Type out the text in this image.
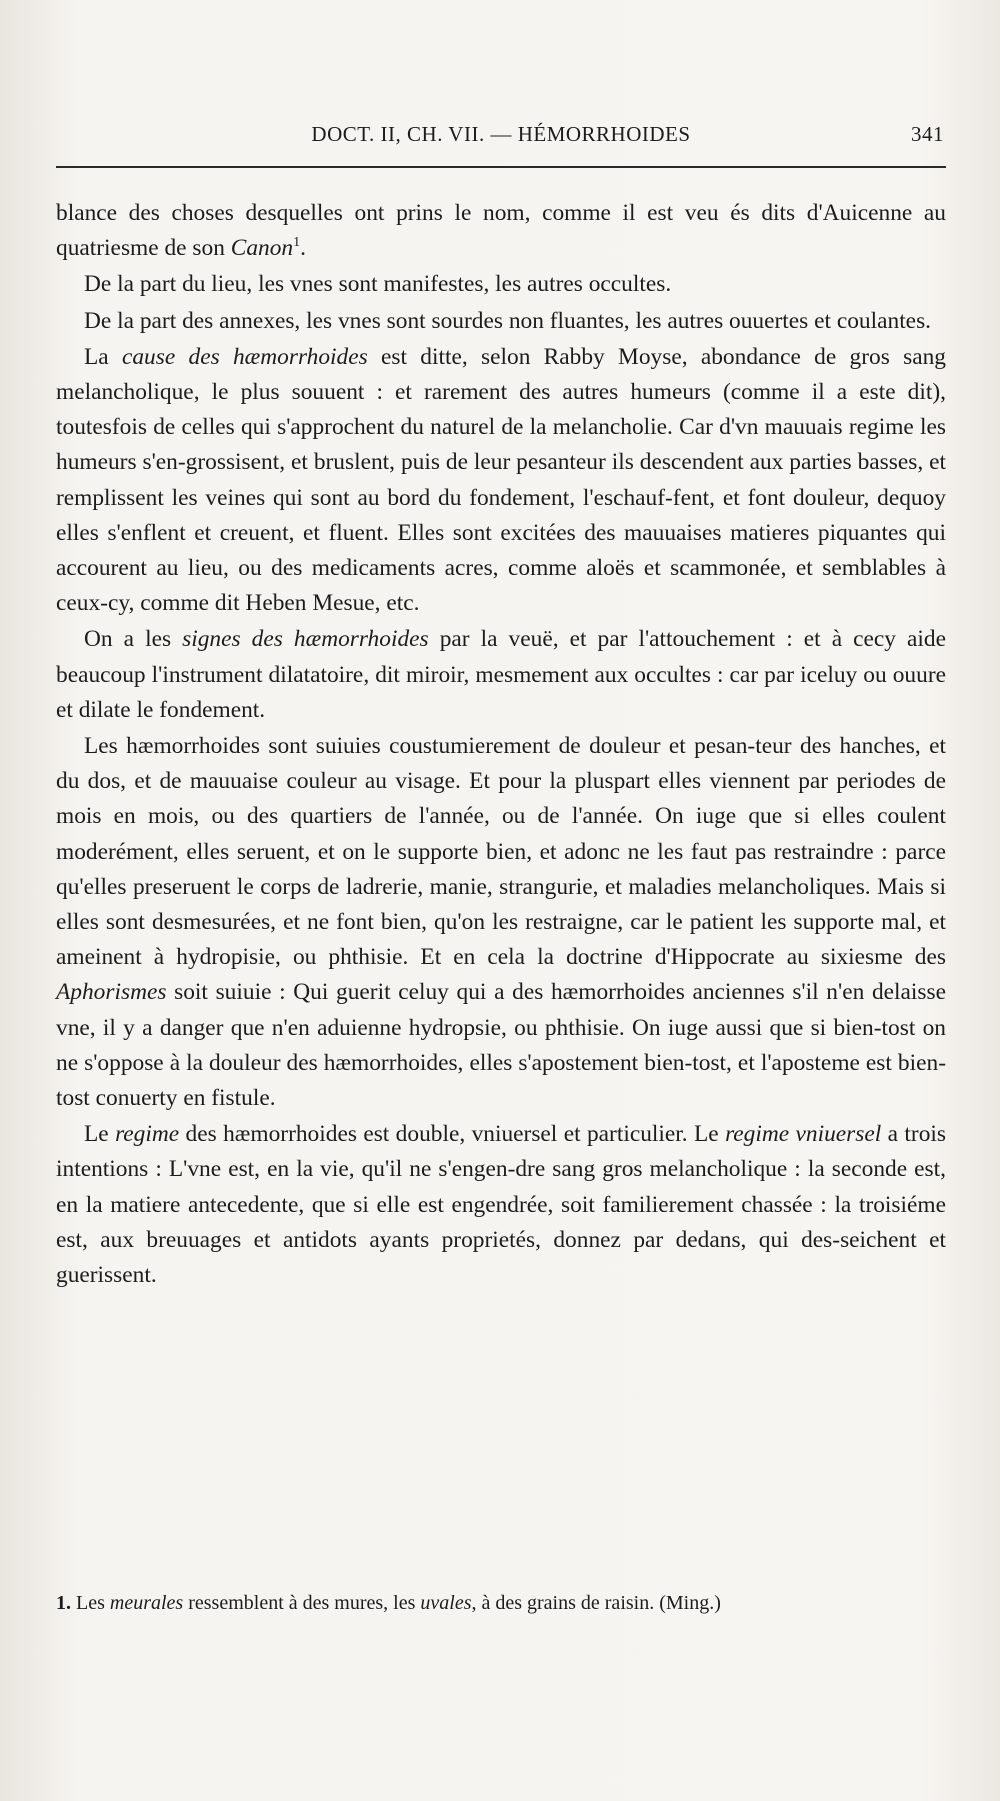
DOCT. II, CH. VII. — HÉMORRHOIDES	341

blance des choses desquelles ont prins le nom, comme il est veu és dits d'Auicenne au quatriesme de son Canon$^1$.

De la part du lieu, les vnes sont manifestes, les autres occultes.

De la part des annexes, les vnes sont sourdes non fluantes, les autres ouuertes et coulantes.

La cause des hæmorrhoides est ditte, selon Rabby Moyse, abondance de gros sang melancholique, le plus souuent : et rarement des autres humeurs (comme il a este dit), toutesfois de celles qui s'approchent du naturel de la melancholie. Car d'vn mauuais regime les humeurs s'en-grossisent, et bruslent, puis de leur pesanteur ils descendent aux parties basses, et remplissent les veines qui sont au bord du fondement, l'eschauf-fent, et font douleur, dequoy elles s'enflent et creuent, et fluent. Elles sont excitées des mauuaises matieres piquantes qui accourent au lieu, ou des medicaments acres, comme aloës et scammonée, et semblables à ceux-cy, comme dit Heben Mesue, etc.

On a les signes des hæmorrhoides par la veuë, et par l'attouchement : et à cecy aide beaucoup l'instrument dilatatoire, dit miroir, mesmement aux occultes : car par iceluy ou ouure et dilate le fondement.

Les hæmorrhoides sont suiuies coustumierement de douleur et pesan-teur des hanches, et du dos, et de mauuaise couleur au visage. Et pour la pluspart elles viennent par periodes de mois en mois, ou des quartiers de l'année, ou de l'année. On iuge que si elles coulent moderément, elles seruent, et on le supporte bien, et adonc ne les faut pas restraindre : parce qu'elles preseruent le corps de ladrerie, manie, strangurie, et maladies melancholiques. Mais si elles sont desmesurées, et ne font bien, qu'on les restraigne, car le patient les supporte mal, et ameinent à hydropisie, ou phthisie. Et en cela la doctrine d'Hippocrate au sixiesme des Aphorismes soit suiuie : Qui guerit celuy qui a des hæmorrhoides anciennes s'il n'en delaisse vne, il y a danger que n'en aduienne hydropsie, ou phthisie. On iuge aussi que si bien-tost on ne s'oppose à la douleur des hæmorrhoides, elles s'apostement bien-tost, et l'aposteme est bien-tost conuerty en fistule.

Le regime des hæmorrhoides est double, vniuersel et particulier. Le regime vniuersel a trois intentions : L'vne est, en la vie, qu'il ne s'engen-dre sang gros melancholique : la seconde est, en la matiere antecedente, que si elle est engendrée, soit familierement chassée : la troisiéme est, aux breuuages et antidots ayants proprietés, donnez par dedans, qui des-seichent et guerissent.

1. Les meurales ressemblent à des mures, les uvales, à des grains de raisin. (Ming.)
